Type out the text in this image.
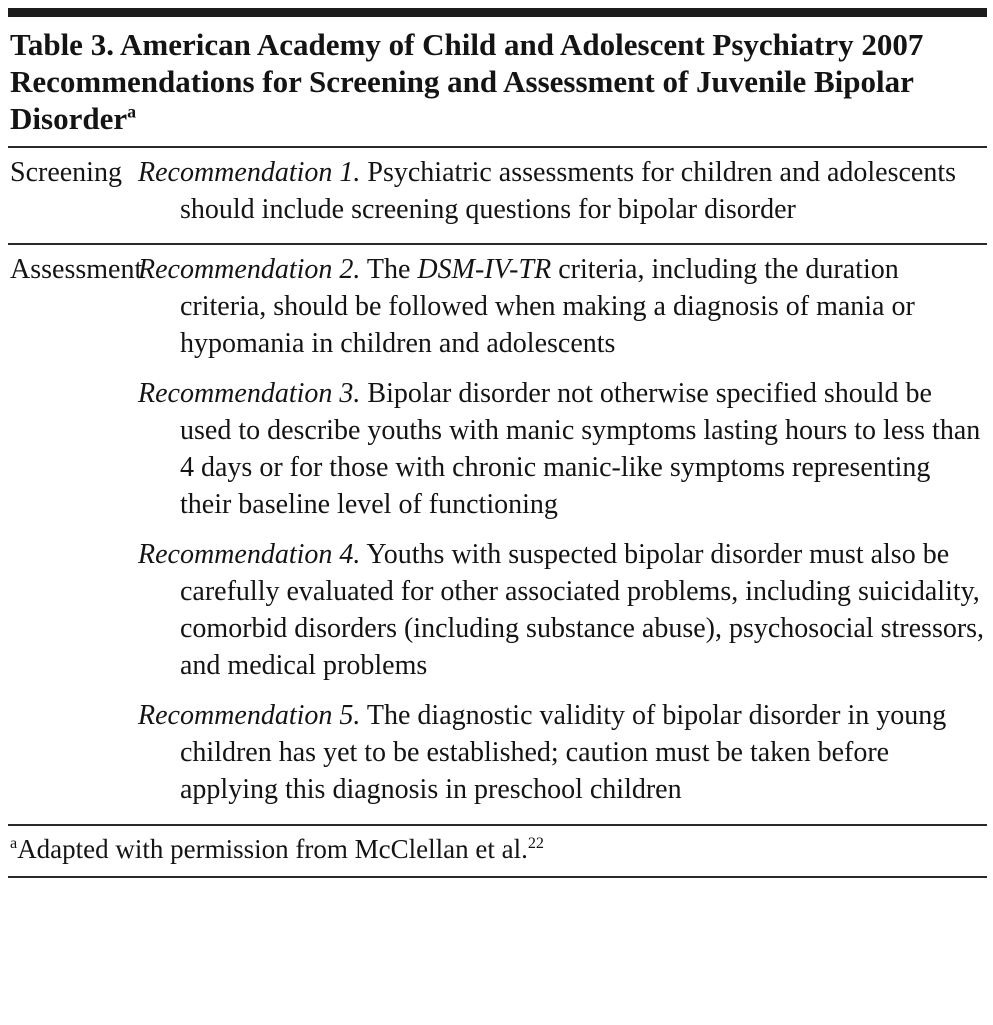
Table 3. American Academy of Child and Adolescent Psychiatry 2007 Recommendations for Screening and Assessment of Juvenile Bipolar Disorder$^a$
Screening Recommendation 1. Psychiatric assessments for children and adolescents should include screening questions for bipolar disorder

Assessment

Recommendation 2. The DSM-IV-TR criteria, including the duration criteria, should be followed when making a diagnosis of mania or hypomania in children and adolescents

Recommendation 3. Bipolar disorder not otherwise specified should be used to describe youths with manic symptoms lasting hours to less than 4 days or for those with chronic manic-like symptoms representing their baseline level of functioning

Recommendation 4. Youths with suspected bipolar disorder must also be carefully evaluated for other associated problems, including suicidality, comorbid disorders (including substance abuse), psychosocial stressors, and medical problems

Recommendation 5. The diagnostic validity of bipolar disorder in young children has yet to be established; caution must be taken before applying this diagnosis in preschool children

$^a$Adapted with permission from McClellan et al.$^{22}$
